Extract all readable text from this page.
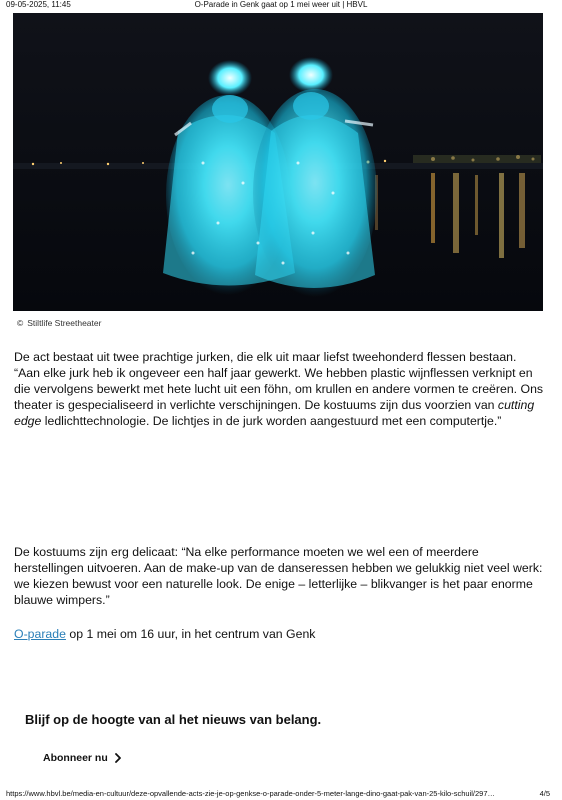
09-05-2025, 11:45	O-Parade in Genk gaat op 1 mei weer uit | HBVL
© Stiltlife Streetheater

De act bestaat uit twee prachtige jurken, die elk uit maar liefst tweehonderd flessen bestaan. “Aan elke jurk heb ik ongeveer een half jaar gewerkt. We hebben plastic wijnflessen verknipt en die vervolgens bewerkt met hete lucht uit een föhn, om krullen en andere vormen te creëren. Ons theater is gespecialiseerd in verlichte verschijningen. De kostuums zijn dus voorzien van cutting edge ledlichttechnologie. De lichtjes in de jurk worden aangestuurd met een computertje.”

De kostuums zijn erg delicaat: “Na elke performance moeten we wel een of meerdere herstellingen uitvoeren. Aan de make-up van de danseressen hebben we gelukkig niet veel werk: we kiezen bewust voor een naturelle look. De enige – letterlijke – blikvanger is het paar enorme blauwe wimpers.”

O-parade op 1 mei om 16 uur, in het centrum van Genk

Blijf op de hoogte van al het nieuws van belang.
Abonneer nu
https://www.hbvl.be/media-en-cultuur/deze-opvallende-acts-zie-je-op-genkse-o-parade-onder-5-meter-lange-dino-gaat-pak-van-25-kilo-schuil/297…	4/5
